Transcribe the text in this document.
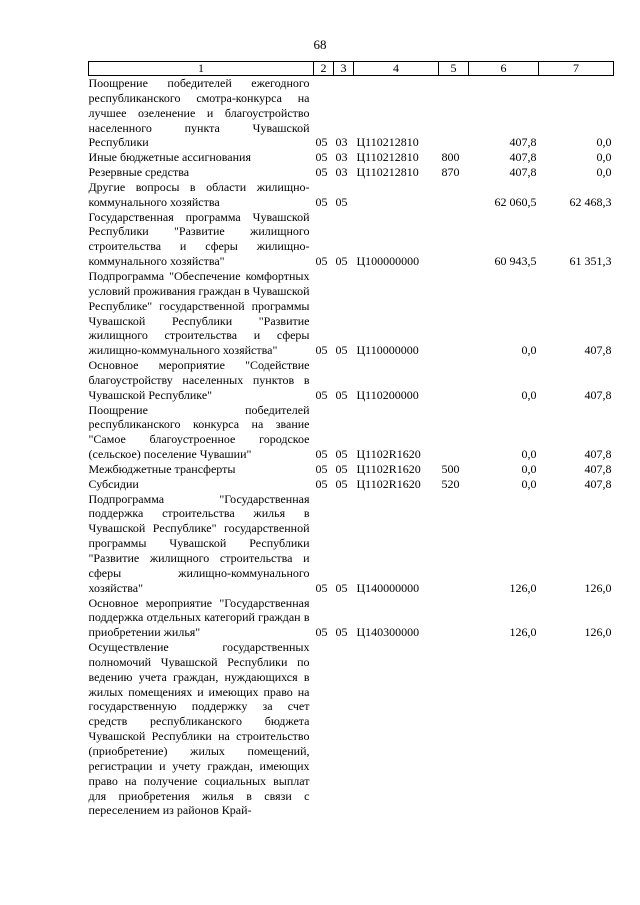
68
1	2	3	4	5	6	7
Поощрение победителей ежегодного республиканского смотра-конкурса на лучшее озеленение и благоустройство населенного пункта Чувашской Республики	05	03	Ц110212810		407,8	0,0
Иные бюджетные ассигнования	05	03	Ц110212810	800	407,8	0,0
Резервные средства	05	03	Ц110212810	870	407,8	0,0
Другие вопросы в области жилищно-коммунального хозяйства	05	05			62 060,5	62 468,3
Государственная программа Чувашской Республики "Развитие жилищного строительства и сферы жилищно-коммунального хозяйства"	05	05	Ц100000000		60 943,5	61 351,3
Подпрограмма "Обеспечение комфортных условий проживания граждан в Чувашской Республике" государственной программы Чувашской Республики "Развитие жилищного строительства и сферы жилищно-коммунального хозяйства"	05	05	Ц110000000		0,0	407,8
Основное мероприятие "Содействие благоустройству населенных пунктов в Чувашской Республике"	05	05	Ц110200000		0,0	407,8
Поощрение победителей республиканского конкурса на звание "Самое благоустроенное городское (сельское) поселение Чувашии"	05	05	Ц1102R1620		0,0	407,8
Межбюджетные трансферты	05	05	Ц1102R1620	500	0,0	407,8
Субсидии	05	05	Ц1102R1620	520	0,0	407,8
Подпрограмма "Государственная поддержка строительства жилья в Чувашской Республике" государственной программы Чувашской Республики "Развитие жилищного строительства и сферы жилищно-коммунального хозяйства"	05	05	Ц140000000		126,0	126,0
Основное мероприятие "Государственная поддержка отдельных категорий граждан в приобретении жилья"	05	05	Ц140300000		126,0	126,0
Осуществление государственных полномочий Чувашской Республики по ведению учета граждан, нуждающихся в жилых помещениях и имеющих право на государственную поддержку за счет средств республиканского бюджета Чувашской Республики на строительство (приобретение) жилых помещений, регистрации и учету граждан, имеющих право на получение социальных выплат для приобретения жилья в связи с переселением из районов Край-						
